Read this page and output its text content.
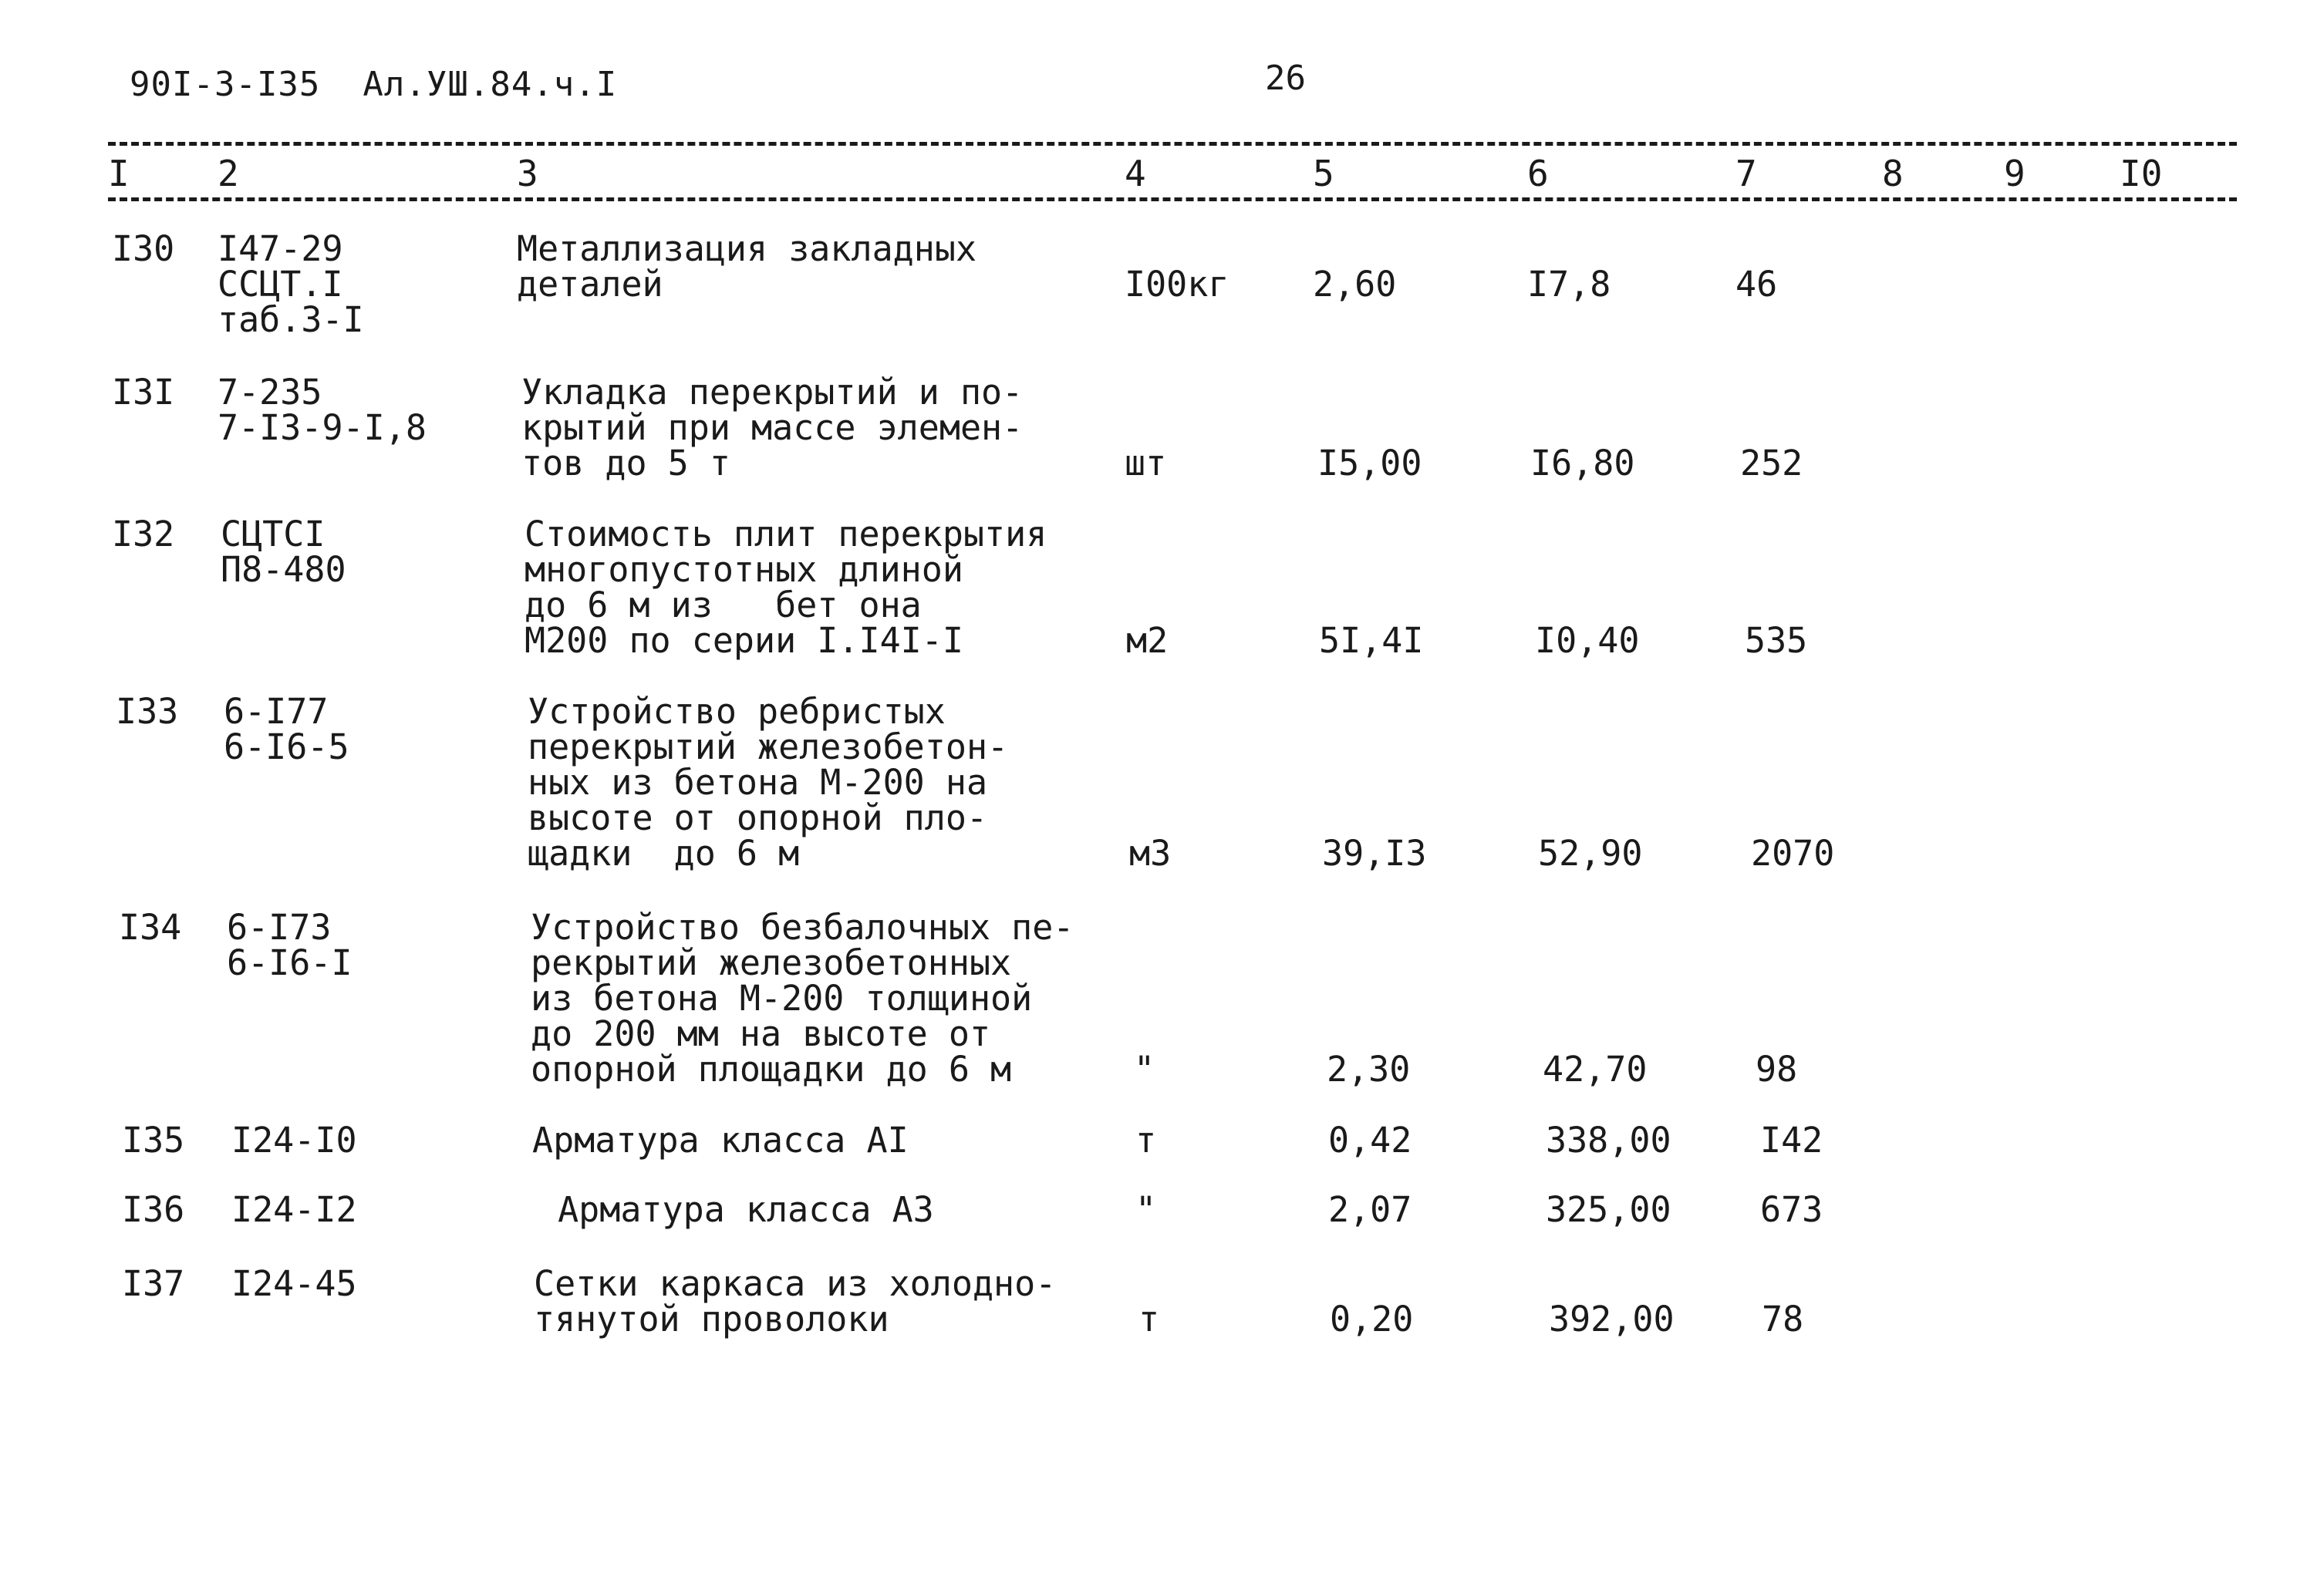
90I-3-I35  Ал.УШ.84.ч.I	26
I 2	3	4	5	6	7	8	9	I0
I30 I47-29
ССЦТ.I
таб.3-I
Металлизация закладных
деталей	I00кг 2,60	I7,8	46
I3I 7-235
7-I3-9-I,8
Укладка перекрытий и по-
крытий при массе элемен-
тов до 5 т	шт	I5,00	I6,80	252
I32 СЦТСI
П8-480
Стоимость плит перекрытия
многопустотных длиной
до 6 м из   бет она
М200 по серии I.I4I-I	м2	5I,4I	I0,40	535
I33 6-I77
6-I6-5
Устройство ребристых
перекрытий железобетон-
ных из бетона М-200 на
высоте от опорной пло-
щадки  до 6 м	м3	39,I3	52,90	2070
I34 6-I73
6-I6-I
Устройство безбалочных пе-
рекрытий железобетонных
из бетона М-200 толщиной
до 200 мм на высоте от
опорной площадки до 6 м	"	2,30	42,70	98
I35 I24-I0	Арматура класса АI	т	0,42	338,00	I42
I36 I24-I2	Арматура класса А3	"	2,07	325,00	673
I37 I24-45	Сетки каркаса из холодно-
тянутой проволоки	т	0,20	392,00	78
